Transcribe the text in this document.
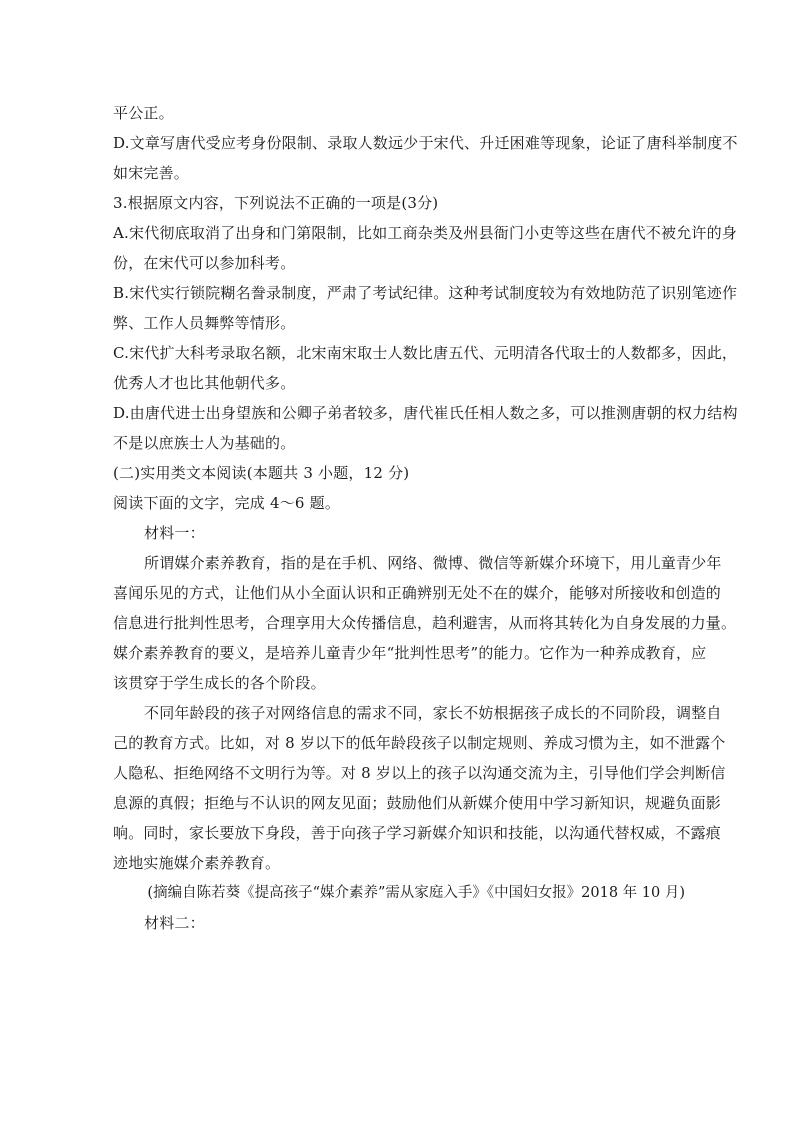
平公正。
D.文章写唐代受应考身份限制、录取人数远少于宋代、升迁困难等现象，论证了唐科举制度不
如宋完善。
3.根据原文内容，下列说法不正确的一项是(3分)
A.宋代彻底取消了出身和门第限制，比如工商杂类及州县衙门小吏等这些在唐代不被允许的身
份，在宋代可以参加科考。
B.宋代实行锁院糊名誊录制度，严肃了考试纪律。这种考试制度较为有效地防范了识别笔迹作
弊、工作人员舞弊等情形。
C.宋代扩大科考录取名额，北宋南宋取士人数比唐五代、元明清各代取士的人数都多，因此，
优秀人才也比其他朝代多。
D.由唐代进士出身望族和公卿子弟者较多，唐代崔氏任相人数之多，可以推测唐朝的权力结构
不是以庶族士人为基础的。
(二)实用类文本阅读(本题共 3 小题，12 分)
阅读下面的文字，完成 4～6 题。
材料一：
所谓媒介素养教育，指的是在手机、网络、微博、微信等新媒介环境下，用儿童青少年
喜闻乐见的方式，让他们从小全面认识和正确辨别无处不在的媒介，能够对所接收和创造的
信息进行批判性思考，合理享用大众传播信息，趋利避害，从而将其转化为自身发展的力量。
媒介素养教育的要义，是培养儿童青少年“批判性思考”的能力。它作为一种养成教育，应
该贯穿于学生成长的各个阶段。
不同年龄段的孩子对网络信息的需求不同，家长不妨根据孩子成长的不同阶段，调整自
己的教育方式。比如，对 8 岁以下的低年龄段孩子以制定规则、养成习惯为主，如不泄露个
人隐私、拒绝网络不文明行为等。对 8 岁以上的孩子以沟通交流为主，引导他们学会判断信
息源的真假；拒绝与不认识的网友见面；鼓励他们从新媒介使用中学习新知识，规避负面影
响。同时，家长要放下身段，善于向孩子学习新媒介知识和技能，以沟通代替权威，不露痕
迹地实施媒介素养教育。
(摘编自陈若葵《提高孩子“媒介素养”需从家庭入手》《中国妇女报》2018 年 10 月)
材料二：
